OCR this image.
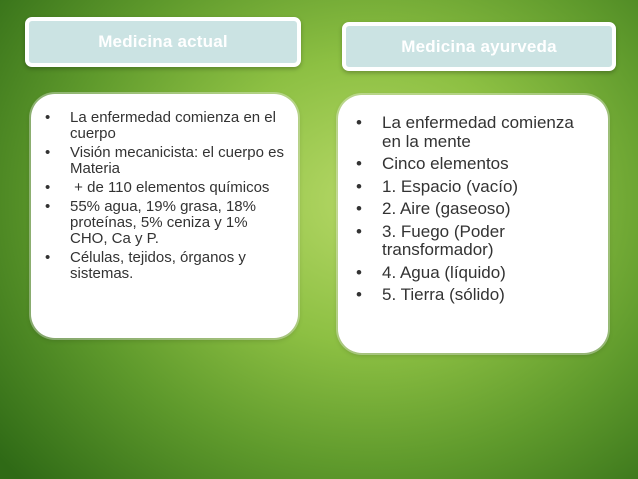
Medicina actual	Medicina ayurveda
• La enfermedad comienza en el cuerpo
• Visión mecanicista: el cuerpo es Materia
• + de 110 elementos químicos
• 55% agua, 19% grasa, 18% proteínas, 5% ceniza y 1% CHO, Ca y P.
• Células, tejidos, órganos y sistemas.
• La enfermedad comienza en la mente
• Cinco elementos
• 1. Espacio (vacío)
• 2. Aire (gaseoso)
• 3. Fuego (Poder transformador)
• 4. Agua (líquido)
• 5. Tierra (sólido)
